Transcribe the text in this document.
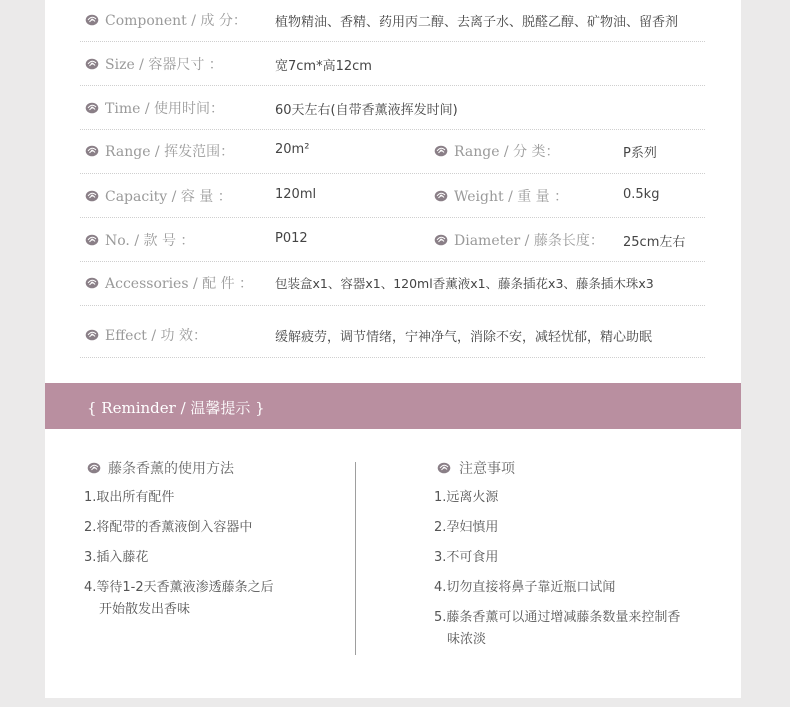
Component / 成 分： 植物精油、香精、药用丙二醇、去离子水、脱醛乙醇、矿物油、留香剂
Size / 容器尺寸 ：	宽7cm*高12cm
Time / 使用时间：	60天左右(自带香薰液挥发时间)
Range / 挥发范围：	20m²	Range / 分 类：	P系列
Capacity / 容 量 ：	120ml	Weight / 重 量 ：	0.5kg
No. / 款 号 ：	P012	Diameter / 藤条长度： 25cm左右
Accessories / 配 件 ： 包装盒x1、容器x1、120ml香薰液x1、藤条插花x3、藤条插木珠x3
Effect / 功 效：	缓解疲劳，调节情绪，宁神净气，消除不安，减轻忧郁，精心助眠
{ Reminder / 温馨提示 }
藤条香薰的使用方法
1.取出所有配件
2.将配带的香薰液倒入容器中
3.插入藤花
4.等待1-2天香薰液渗透藤条之后
开始散发出香味
注意事项
1.远离火源
2.孕妇慎用
3.不可食用
4.切勿直接将鼻子靠近瓶口试闻
5.藤条香薰可以通过增减藤条数量来控制香
味浓淡
